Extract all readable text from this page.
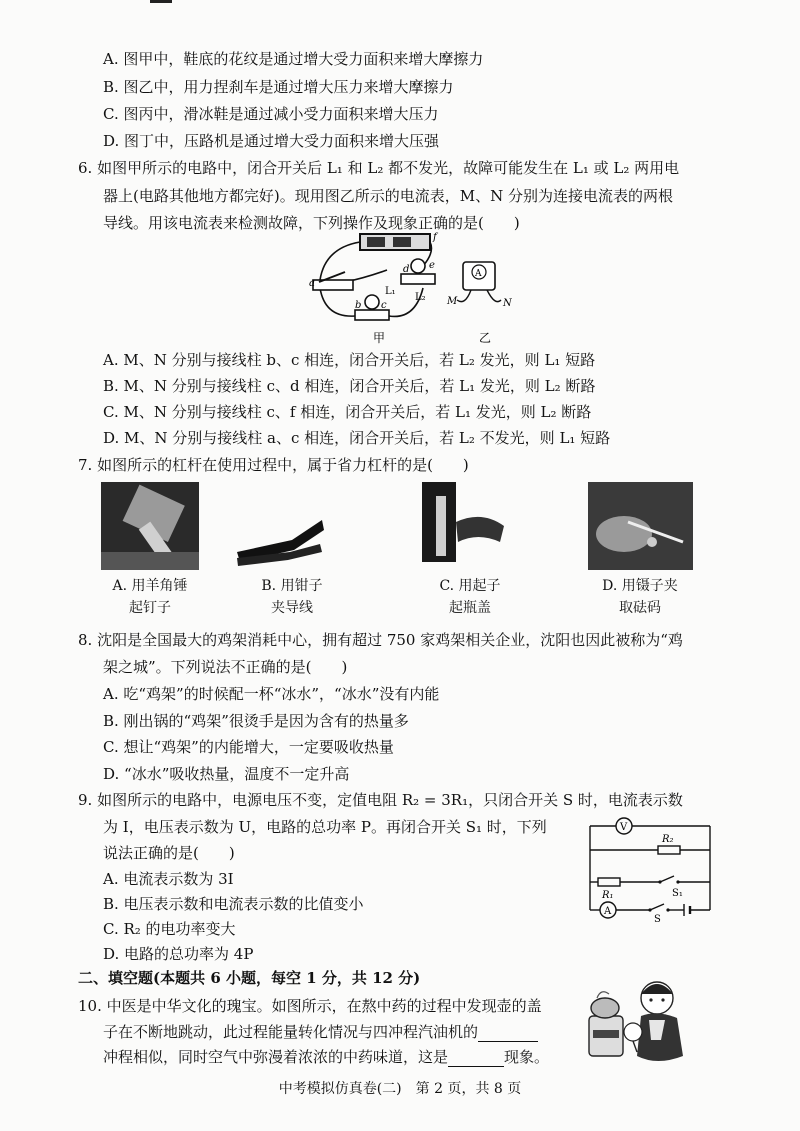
A. 图甲中，鞋底的花纹是通过增大受力面积来增大摩擦力
B. 图乙中，用力捏刹车是通过增大压力来增大摩擦力
C. 图丙中，滑冰鞋是通过减小受力面积来增大压力
D. 图丁中，压路机是通过增大受力面积来增大压强
6. 如图甲所示的电路中，闭合开关后 L₁ 和 L₂ 都不发光，故障可能发生在 L₁ 或 L₂ 两用电
器上(电路其他地方都完好)。现用图乙所示的电流表，M、N 分别为连接电流表的两根
导线。用该电流表来检测故障，下列操作及现象正确的是(　　)
A
a
b c
d e
f
L₁
L₂ M	N
甲	乙
A. M、N 分别与接线柱 b、c 相连，闭合开关后，若 L₂ 发光，则 L₁ 短路
B. M、N 分别与接线柱 c、d 相连，闭合开关后，若 L₁ 发光，则 L₂ 断路
C. M、N 分别与接线柱 c、f 相连，闭合开关后，若 L₁ 发光，则 L₂ 断路
D. M、N 分别与接线柱 a、c 相连，闭合开关后，若 L₂ 不发光，则 L₁ 短路
7. 如图所示的杠杆在使用过程中，属于省力杠杆的是(　　)
A. 用羊角锤
起钉子
B. 用钳子
夹导线
C. 用起子
起瓶盖
D. 用镊子夹
取砝码
8. 沈阳是全国最大的鸡架消耗中心，拥有超过 750 家鸡架相关企业，沈阳也因此被称为“鸡
架之城”。下列说法不正确的是(　　)
A. 吃“鸡架”的时候配一杯“冰水”，“冰水”没有内能
B. 刚出锅的“鸡架”很烫手是因为含有的热量多
C. 想让“鸡架”的内能增大，一定要吸收热量
D. “冰水”吸收热量，温度不一定升高
9. 如图所示的电路中，电源电压不变，定值电阻 R₂ = 3R₁，只闭合开关 S 时，电流表示数
为 I，电压表示数为 U，电路的总功率 P。再闭合开关 S₁ 时，下列
说法正确的是(　　)
A. 电流表示数为 3I
B. 电压表示数和电流表示数的比值变小
C. R₂ 的电功率变大
D. 电路的总功率为 4P
V
A
R₂
R₁	S₁
S
二、填空题(本题共 6 小题，每空 1 分，共 12 分)
10. 中医是中华文化的瑰宝。如图所示，在熬中药的过程中发现壶的盖
子在不断地跳动，此过程能量转化情况与四冲程汽油机的
冲程相似，同时空气中弥漫着浓浓的中药味道，这是	现象。
中考模拟仿真卷(二)　第 2 页，共 8 页
